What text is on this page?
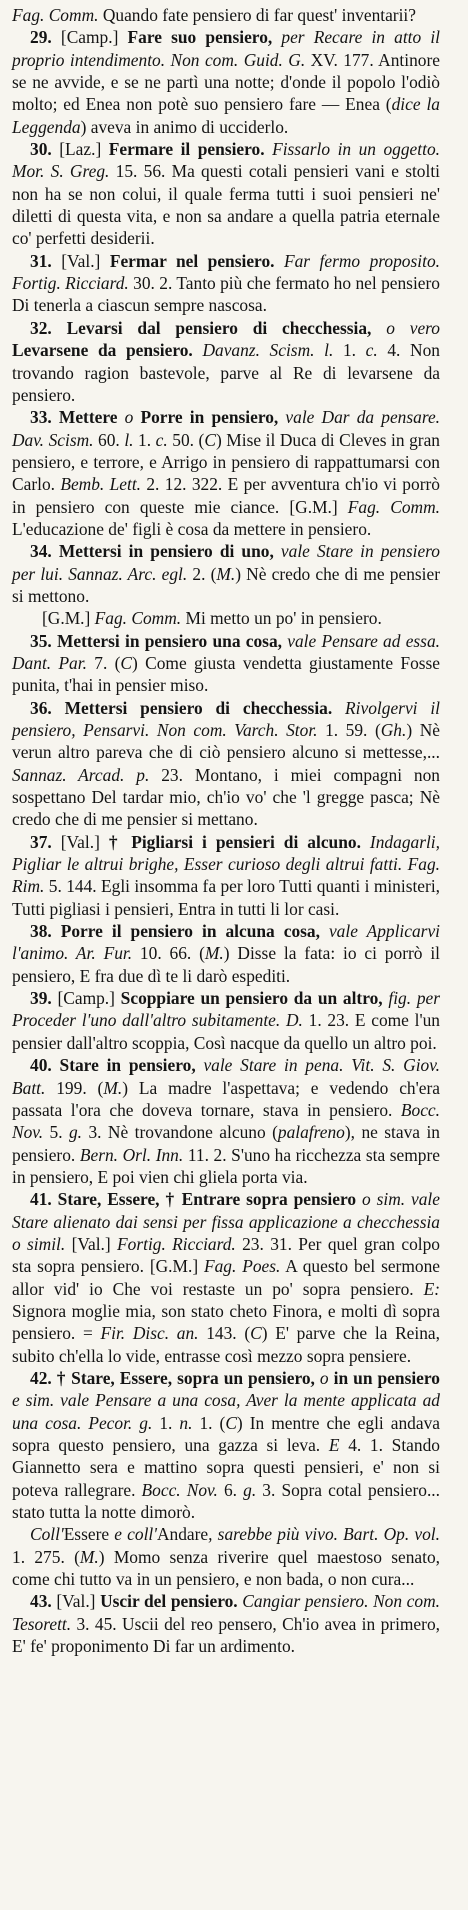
Fag. Comm. Quando fate pensiero di far quest' inventarii?

29. [Camp.] Fare suo pensiero, per Recare in atto il proprio intendimento. Non com. Guid. G. XV. 177. Antinore se ne avvide, e se ne partì una notte; d'onde il popolo l'odiò molto; ed Enea non potè suo pensiero fare — Enea (dice la Leggenda) aveva in animo di ucciderlo.

30. [Laz.] Fermare il pensiero. Fissarlo in un oggetto. Mor. S. Greg. 15. 56. Ma questi cotali pensieri vani e stolti non ha se non colui, il quale ferma tutti i suoi pensieri ne' diletti di questa vita, e non sa andare a quella patria eternale co' perfetti desiderii.

31. [Val.] Fermar nel pensiero. Far fermo proposito. Fortig. Ricciard. 30. 2. Tanto più che fermato ho nel pensiero Di tenerla a ciascun sempre nascosa.

32. Levarsi dal pensiero di checchessia, o vero Levarsene da pensiero. Davanz. Scism. l. 1. c. 4. Non trovando ragion bastevole, parve al Re di levarsene da pensiero.

33. Mettere o Porre in pensiero, vale Dar da pensare. Dav. Scism. 60. l. 1. c. 50. (C) Mise il Duca di Cleves in gran pensiero, e terrore, e Arrigo in pensiero di rappattumarsi con Carlo. Bemb. Lett. 2. 12. 322. E per avventura ch'io vi porrò in pensiero con queste mie ciance. [G.M.] Fag. Comm. L'educazione de' figli è cosa da mettere in pensiero.

34. Mettersi in pensiero di uno, vale Stare in pensiero per lui. Sannaz. Arc. egl. 2. (M.) Nè credo che di me pensier si mettono.

[G.M.] Fag. Comm. Mi metto un po' in pensiero.

35. Mettersi in pensiero una cosa, vale Pensare ad essa. Dant. Par. 7. (C) Come giusta vendetta giustamente Fosse punita, t'hai in pensier miso.

36. Mettersi pensiero di checchessia. Rivolgervi il pensiero, Pensarvi. Non com. Varch. Stor. 1. 59. (Gh.) Nè verun altro pareva che di ciò pensiero alcuno si mettesse,... Sannaz. Arcad. p. 23. Montano, i miei compagni non sospettano Del tardar mio, ch'io vo' che 'l gregge pasca; Nè credo che di me pensier si mettano.

37. [Val.] † Pigliarsi i pensieri di alcuno. Indagarli, Pigliar le altrui brighe, Esser curioso degli altrui fatti. Fag. Rim. 5. 144. Egli insomma fa per loro Tutti quanti i ministeri, Tutti pigliasi i pensieri, Entra in tutti li lor casi.

38. Porre il pensiero in alcuna cosa, vale Applicarvi l'animo. Ar. Fur. 10. 66. (M.) Disse la fata: io ci porrò il pensiero, E fra due dì te li darò espediti.

39. [Camp.] Scoppiare un pensiero da un altro, fig. per Proceder l'uno dall'altro subitamente. D. 1. 23. E come l'un pensier dall'altro scoppia, Così nacque da quello un altro poi.

40. Stare in pensiero, vale Stare in pena. Vit. S. Giov. Batt. 199. (M.) La madre l'aspettava; e vedendo ch'era passata l'ora che doveva tornare, stava in pensiero. Bocc. Nov. 5. g. 3. Nè trovandone alcuno (palafreno), ne stava in pensiero. Bern. Orl. Inn. 11. 2. S'uno ha ricchezza sta sempre in pensiero, E poi vien chi gliela porta via.

41. Stare, Essere, † Entrare sopra pensiero o sim. vale Stare alienato dai sensi per fissa applicazione a checchessia o simil. [Val.] Fortig. Ricciard. 23. 31. Per quel gran colpo sta sopra pensiero. [G.M.] Fag. Poes. A questo bel sermone allor vid' io Che voi restaste un po' sopra pensiero. E: Signora moglie mia, son stato cheto Finora, e molti dì sopra pensiero. = Fir. Disc. an. 143. (C) E' parve che la Reina, subito ch'ella lo vide, entrasse così mezzo sopra pensiere.

42. † Stare, Essere, sopra un pensiero, o in un pensiero e sim. vale Pensare a una cosa, Aver la mente applicata ad una cosa. Pecor. g. 1. n. 1. (C) In mentre che egli andava sopra questo pensiero, una gazza si leva. E 4. 1. Stando Giannetto sera e mattino sopra questi pensieri, e' non si poteva rallegrare. Bocc. Nov. 6. g. 3. Sopra cotal pensiero... stato tutta la notte dimorò.

Coll'Essere e coll'Andare, sarebbe più vivo. Bart. Op. vol. 1. 275. (M.) Momo senza riverire quel maestoso senato, come chi tutto va in un pensiero, e non bada, o non cura...

43. [Val.] Uscir del pensiero. Cangiar pensiero. Non com. Tesorett. 3. 45. Uscii del reo pensero, Ch'io avea in primero, E' fe' proponimento Di far un ardimento.
